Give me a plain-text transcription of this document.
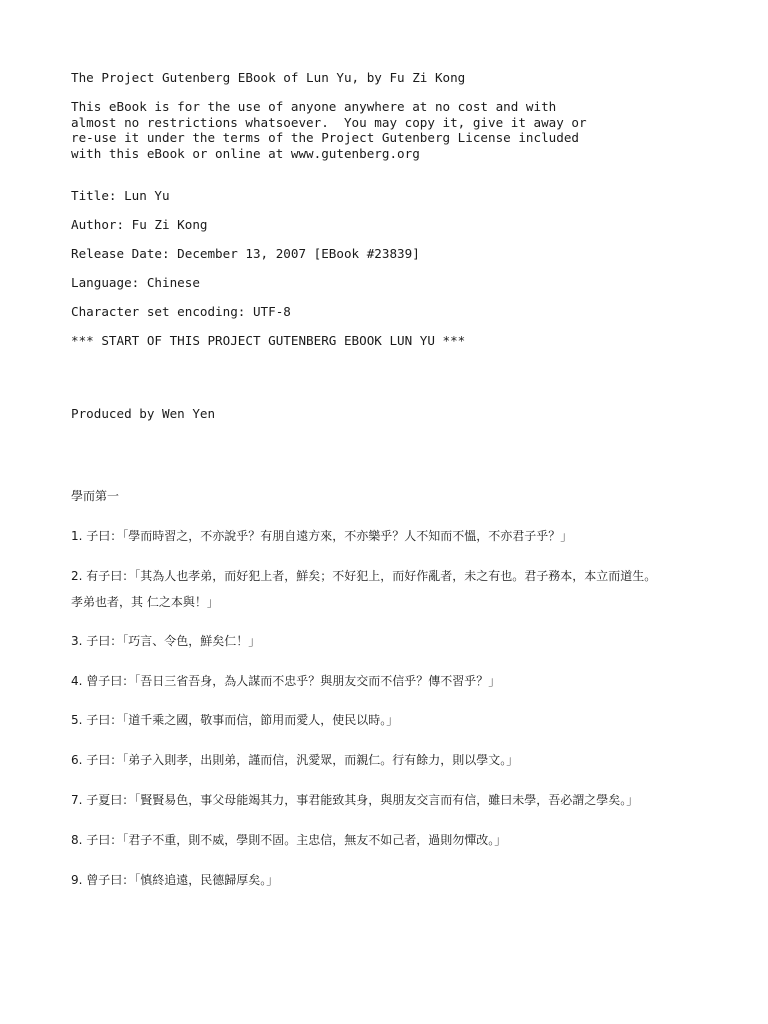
The Project Gutenberg EBook of Lun Yu, by Fu Zi Kong
This eBook is for the use of anyone anywhere at no cost and with
almost no restrictions whatsoever.  You may copy it, give it away or
re-use it under the terms of the Project Gutenberg License included
with this eBook or online at www.gutenberg.org
Title: Lun Yu
Author: Fu Zi Kong
Release Date: December 13, 2007 [EBook #23839]
Language: Chinese
Character set encoding: UTF-8
*** START OF THIS PROJECT GUTENBERG EBOOK LUN YU ***
Produced by Wen Yen
學而第一
1. 子曰：「學而時習之，不亦說乎？有朋自遠方來，不亦樂乎？人不知而不慍，不亦君子乎？」
2. 有子曰：「其為人也孝弟，而好犯上者，鮮矣；不好犯上，而好作亂者，未之有也。君子務本，本立而道生。
孝弟也者，其 仁之本與！」
3. 子曰：「巧言、令色，鮮矣仁！」
4. 曾子曰：「吾日三省吾身，為人謀而不忠乎？與朋友交而不信乎？傳不習乎？」
5. 子曰：「道千乘之國，敬事而信，節用而愛人，使民以時。」
6. 子曰：「弟子入則孝，出則弟，謹而信，汎愛眾，而親仁。行有餘力，則以學文。」
7. 子夏曰：「賢賢易色，事父母能竭其力，事君能致其身，與朋友交言而有信，雖曰未學，吾必謂之學矣。」
8. 子曰：「君子不重，則不威，學則不固。主忠信，無友不如己者，過則勿憚改。」
9. 曾子曰：「慎終追遠，民德歸厚矣。」
